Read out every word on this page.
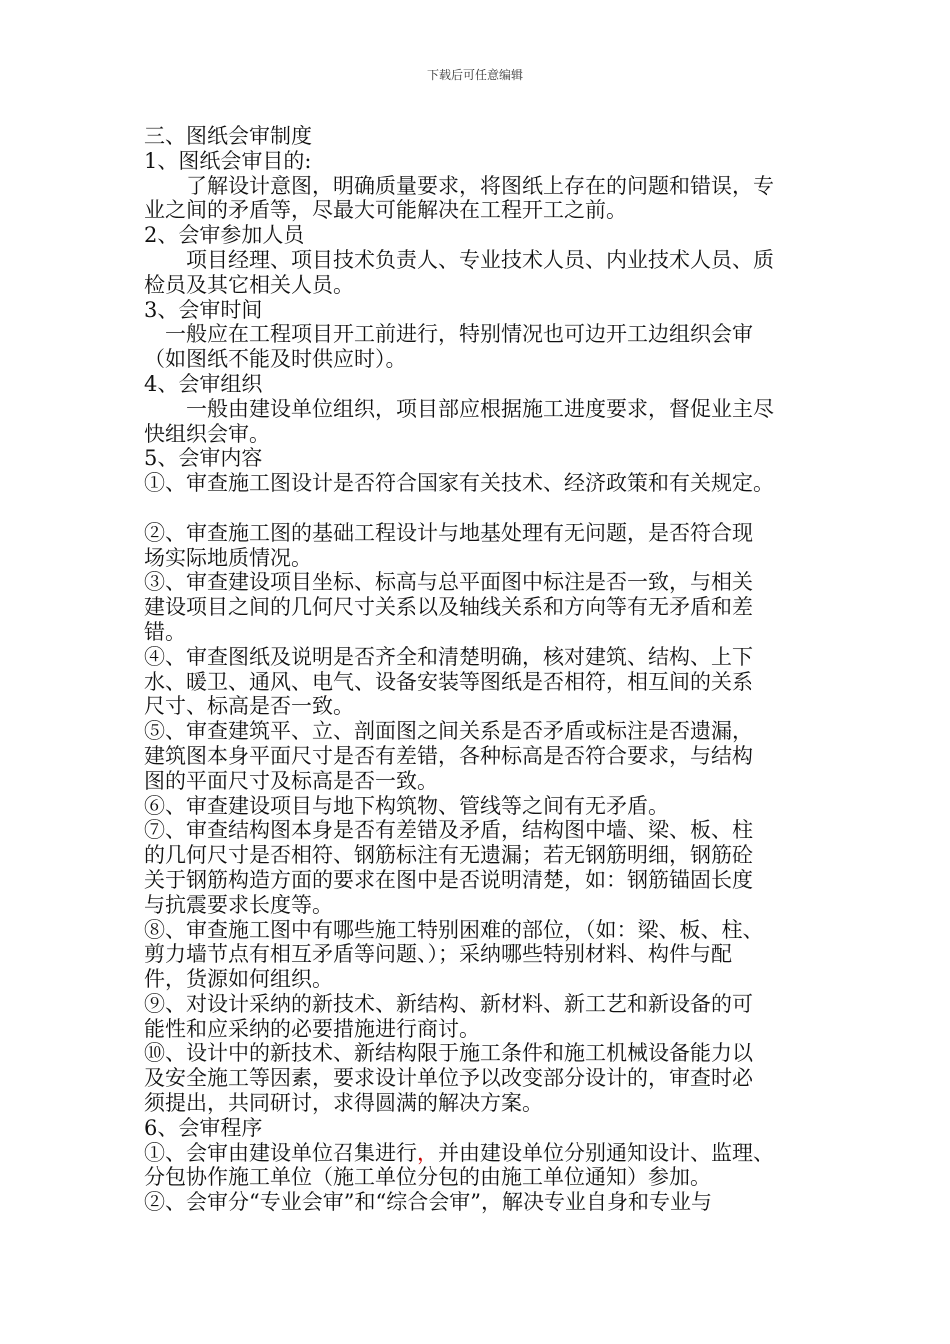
下载后可任意编辑

三、图纸会审制度

1、图纸会审目的:

　　了解设计意图，明确质量要求，将图纸上存在的问题和错误，专

业之间的矛盾等，尽最大可能解决在工程开工之前。

2、会审参加人员

　　项目经理、项目技术负责人、专业技术人员、内业技术人员、质

检员及其它相关人员。

3、会审时间

　一般应在工程项目开工前进行，特别情况也可边开工边组织会审

（如图纸不能及时供应时）。

4、会审组织

　　一般由建设单位组织，项目部应根据施工进度要求，督促业主尽

快组织会审。

5、会审内容

①、审查施工图设计是否符合国家有关技术、经济政策和有关规定。

②、审查施工图的基础工程设计与地基处理有无问题，是否符合现

场实际地质情况。

③、审查建设项目坐标、标高与总平面图中标注是否一致，与相关

建设项目之间的几何尺寸关系以及轴线关系和方向等有无矛盾和差

错。

④、审查图纸及说明是否齐全和清楚明确，核对建筑、结构、上下

水、暖卫、通风、电气、设备安装等图纸是否相符，相互间的关系

尺寸、标高是否一致。

⑤、审查建筑平、立、剖面图之间关系是否矛盾或标注是否遗漏，

建筑图本身平面尺寸是否有差错，各种标高是否符合要求，与结构

图的平面尺寸及标高是否一致。

⑥、审查建设项目与地下构筑物、管线等之间有无矛盾。

⑦、审查结构图本身是否有差错及矛盾，结构图中墙、梁、板、柱

的几何尺寸是否相符、钢筋标注有无遗漏；若无钢筋明细，钢筋砼

关于钢筋构造方面的要求在图中是否说明清楚，如：钢筋锚固长度

与抗震要求长度等。

⑧、审查施工图中有哪些施工特别困难的部位，（如：梁、板、柱、

剪力墙节点有相互矛盾等问题、）；采纳哪些特别材料、构件与配

件，货源如何组织。

⑨、对设计采纳的新技术、新结构、新材料、新工艺和新设备的可

能性和应采纳的必要措施进行商讨。

⑩、设计中的新技术、新结构限于施工条件和施工机械设备能力以

及安全施工等因素，要求设计单位予以改变部分设计的，审查时必

须提出，共同研讨，求得圆满的解决方案。

6、会审程序

①、会审由建设单位召集进行，并由建设单位分别通知设计、监理、

分包协作施工单位（施工单位分包的由施工单位通知）参加。

②、会审分“专业会审”和“综合会审”，解决专业自身和专业与
